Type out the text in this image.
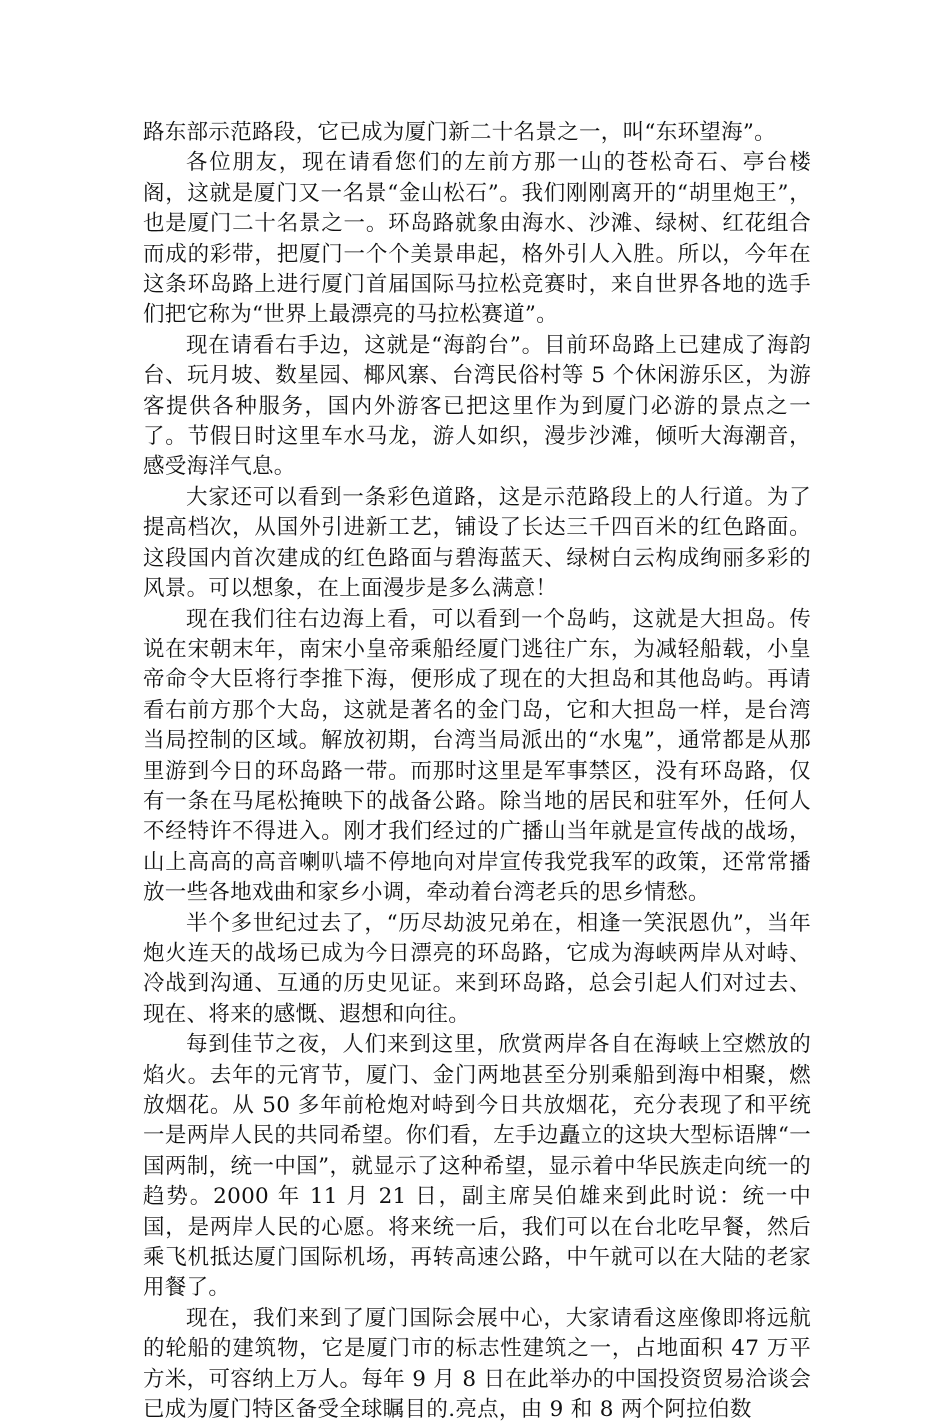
路东部示范路段，它已成为厦门新二十名景之一，叫“东环望海”。

各位朋友，现在请看您们的左前方那一山的苍松奇石、亭台楼阁，这就是厦门又一名景“金山松石”。我们刚刚离开的“胡里炮王”，也是厦门二十名景之一。环岛路就象由海水、沙滩、绿树、红花组合而成的彩带，把厦门一个个美景串起，格外引人入胜。所以，今年在这条环岛路上进行厦门首届国际马拉松竞赛时，来自世界各地的选手们把它称为“世界上最漂亮的马拉松赛道”。

现在请看右手边，这就是“海韵台”。目前环岛路上已建成了海韵台、玩月坡、数星园、椰风寨、台湾民俗村等 5 个休闲游乐区，为游客提供各种服务，国内外游客已把这里作为到厦门必游的景点之一了。节假日时这里车水马龙，游人如织，漫步沙滩，倾听大海潮音，感受海洋气息。

大家还可以看到一条彩色道路，这是示范路段上的人行道。为了提高档次，从国外引进新工艺，铺设了长达三千四百米的红色路面。这段国内首次建成的红色路面与碧海蓝天、绿树白云构成绚丽多彩的风景。可以想象，在上面漫步是多么满意！

现在我们往右边海上看，可以看到一个岛屿，这就是大担岛。传说在宋朝末年，南宋小皇帝乘船经厦门逃往广东，为减轻船载，小皇帝命令大臣将行李推下海，便形成了现在的大担岛和其他岛屿。再请看右前方那个大岛，这就是著名的金门岛，它和大担岛一样，是台湾当局控制的区域。解放初期，台湾当局派出的“水鬼”，通常都是从那里游到今日的环岛路一带。而那时这里是军事禁区，没有环岛路，仅有一条在马尾松掩映下的战备公路。除当地的居民和驻军外，任何人不经特许不得进入。刚才我们经过的广播山当年就是宣传战的战场，山上高高的高音喇叭墙不停地向对岸宣传我党我军的政策，还常常播放一些各地戏曲和家乡小调，牵动着台湾老兵的思乡情愁。

半个多世纪过去了，“历尽劫波兄弟在，相逢一笑泯恩仇”，当年炮火连天的战场已成为今日漂亮的环岛路，它成为海峡两岸从对峙、冷战到沟通、互通的历史见证。来到环岛路，总会引起人们对过去、现在、将来的感慨、遐想和向往。

每到佳节之夜，人们来到这里，欣赏两岸各自在海峡上空燃放的焰火。去年的元宵节，厦门、金门两地甚至分别乘船到海中相聚，燃放烟花。从 50 多年前枪炮对峙到今日共放烟花，充分表现了和平统一是两岸人民的共同希望。你们看，左手边矗立的这块大型标语牌“一国两制，统一中国”，就显示了这种希望，显示着中华民族走向统一的趋势。2000 年 11 月 21 日，副主席吴伯雄来到此时说：统一中国，是两岸人民的心愿。将来统一后，我们可以在台北吃早餐，然后乘飞机抵达厦门国际机场，再转高速公路，中午就可以在大陆的老家用餐了。

现在，我们来到了厦门国际会展中心，大家请看这座像即将远航的轮船的建筑物，它是厦门市的标志性建筑之一，占地面积 47 万平方米，可容纳上万人。每年 9 月 8 日在此举办的中国投资贸易洽谈会已成为厦门特区备受全球瞩目的.亮点，由 9 和 8 两个阿拉伯数
